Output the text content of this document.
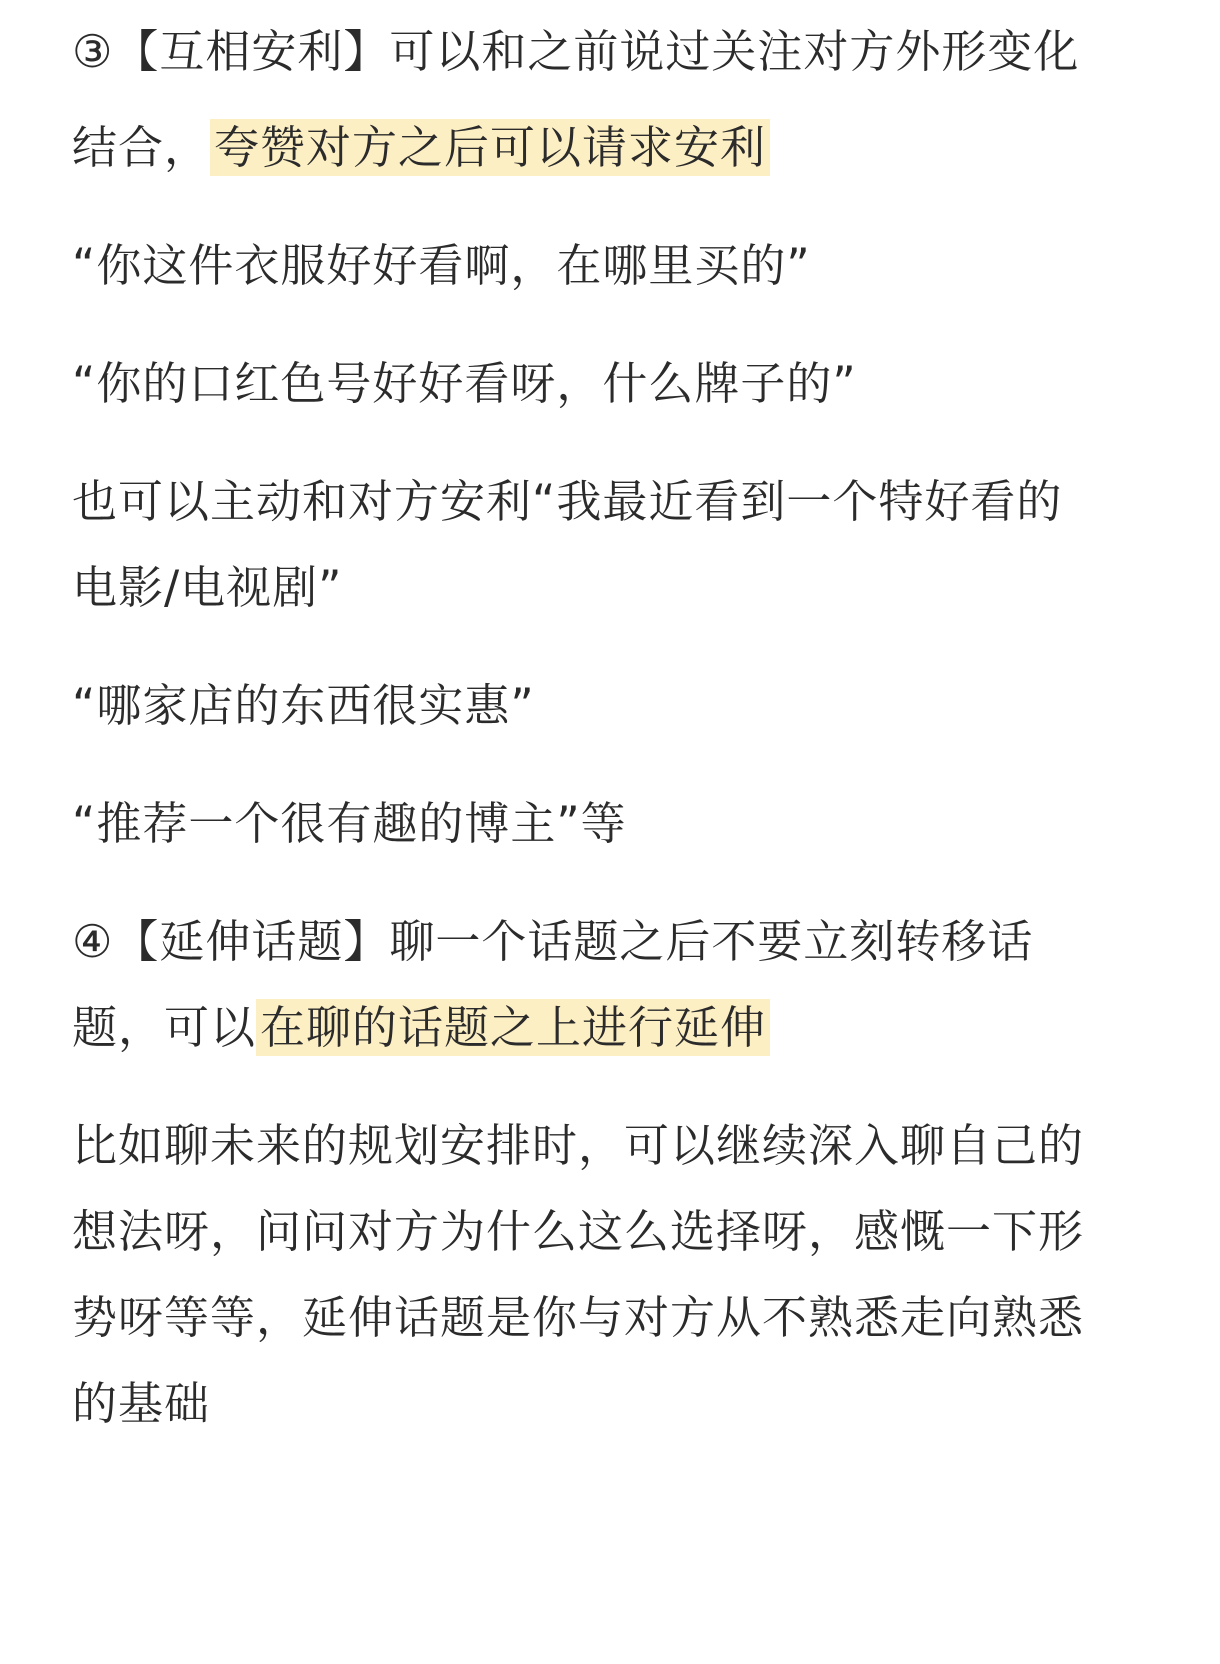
③【互相安利】可以和之前说过关注对方外形变化
结合，夸赞对方之后可以请求安利
“你这件衣服好好看啊，在哪里买的”
“你的口红色号好好看呀，什么牌子的”
也可以主动和对方安利“我最近看到一个特好看的
电影/电视剧”
“哪家店的东西很实惠”
“推荐一个很有趣的博主”等
④【延伸话题】聊一个话题之后不要立刻转移话
题，可以在聊的话题之上进行延伸
比如聊未来的规划安排时，可以继续深入聊自己的
想法呀，问问对方为什么这么选择呀，感慨一下形
势呀等等，延伸话题是你与对方从不熟悉走向熟悉
的基础
